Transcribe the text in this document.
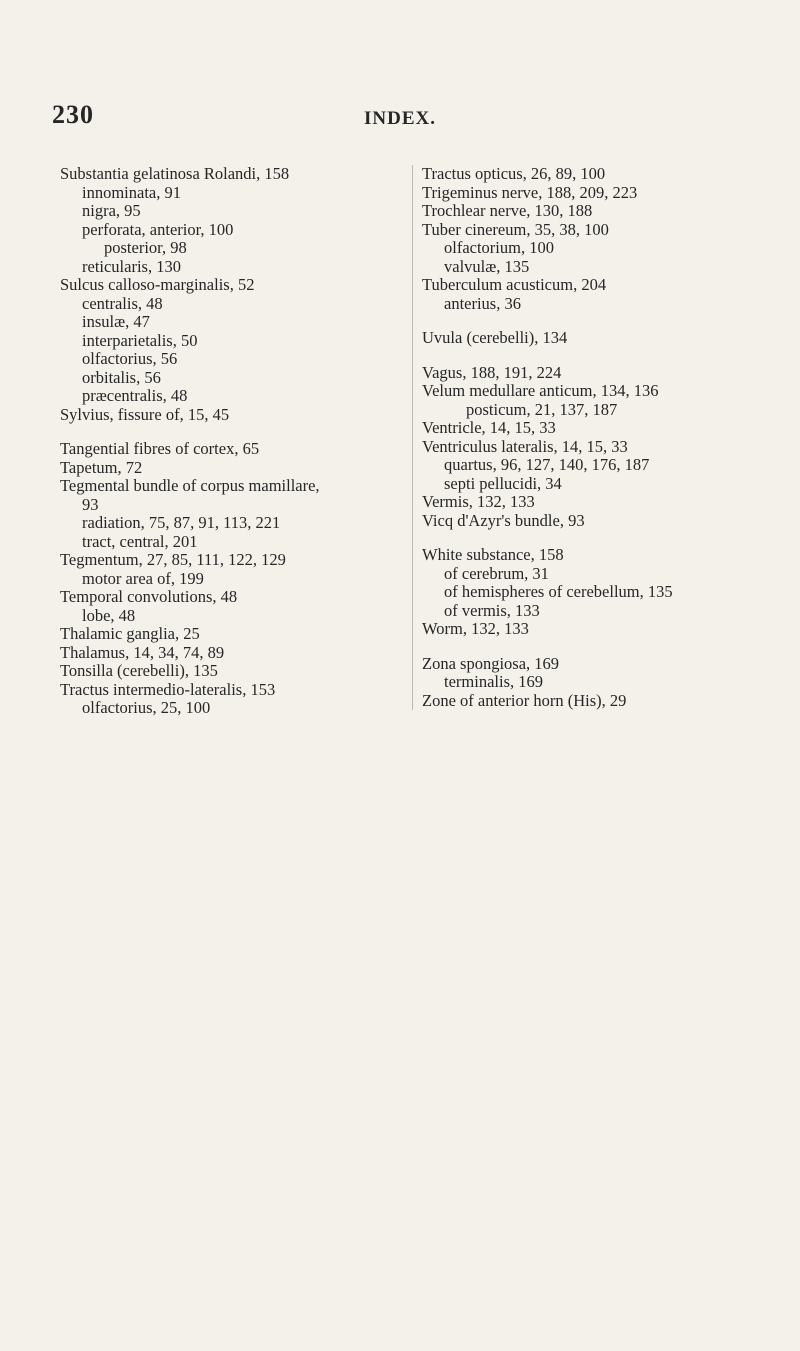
230	INDEX.
Substantia gelatinosa Rolandi, 158
innominata, 91
nigra, 95
perforata, anterior, 100
posterior, 98
reticularis, 130
Sulcus calloso-marginalis, 52
centralis, 48
insulæ, 47
interparietalis, 50
olfactorius, 56
orbitalis, 56
præcentralis, 48
Sylvius, fissure of, 15, 45
Tangential fibres of cortex, 65
Tapetum, 72
Tegmental bundle of corpus mamillare,
93
radiation, 75, 87, 91, 113, 221
tract, central, 201
Tegmentum, 27, 85, 111, 122, 129
motor area of, 199
Temporal convolutions, 48
lobe, 48
Thalamic ganglia, 25
Thalamus, 14, 34, 74, 89
Tonsilla (cerebelli), 135
Tractus intermedio-lateralis, 153
olfactorius, 25, 100
Tractus opticus, 26, 89, 100
Trigeminus nerve, 188, 209, 223
Trochlear nerve, 130, 188
Tuber cinereum, 35, 38, 100
olfactorium, 100
valvulæ, 135
Tuberculum acusticum, 204
anterius, 36
Uvula (cerebelli), 134
Vagus, 188, 191, 224
Velum medullare anticum, 134, 136
posticum, 21, 137, 187
Ventricle, 14, 15, 33
Ventriculus lateralis, 14, 15, 33
quartus, 96, 127, 140, 176, 187
septi pellucidi, 34
Vermis, 132, 133
Vicq d'Azyr's bundle, 93
White substance, 158
of cerebrum, 31
of hemispheres of cerebellum, 135
of vermis, 133
Worm, 132, 133
Zona spongiosa, 169
terminalis, 169
Zone of anterior horn (His), 29
